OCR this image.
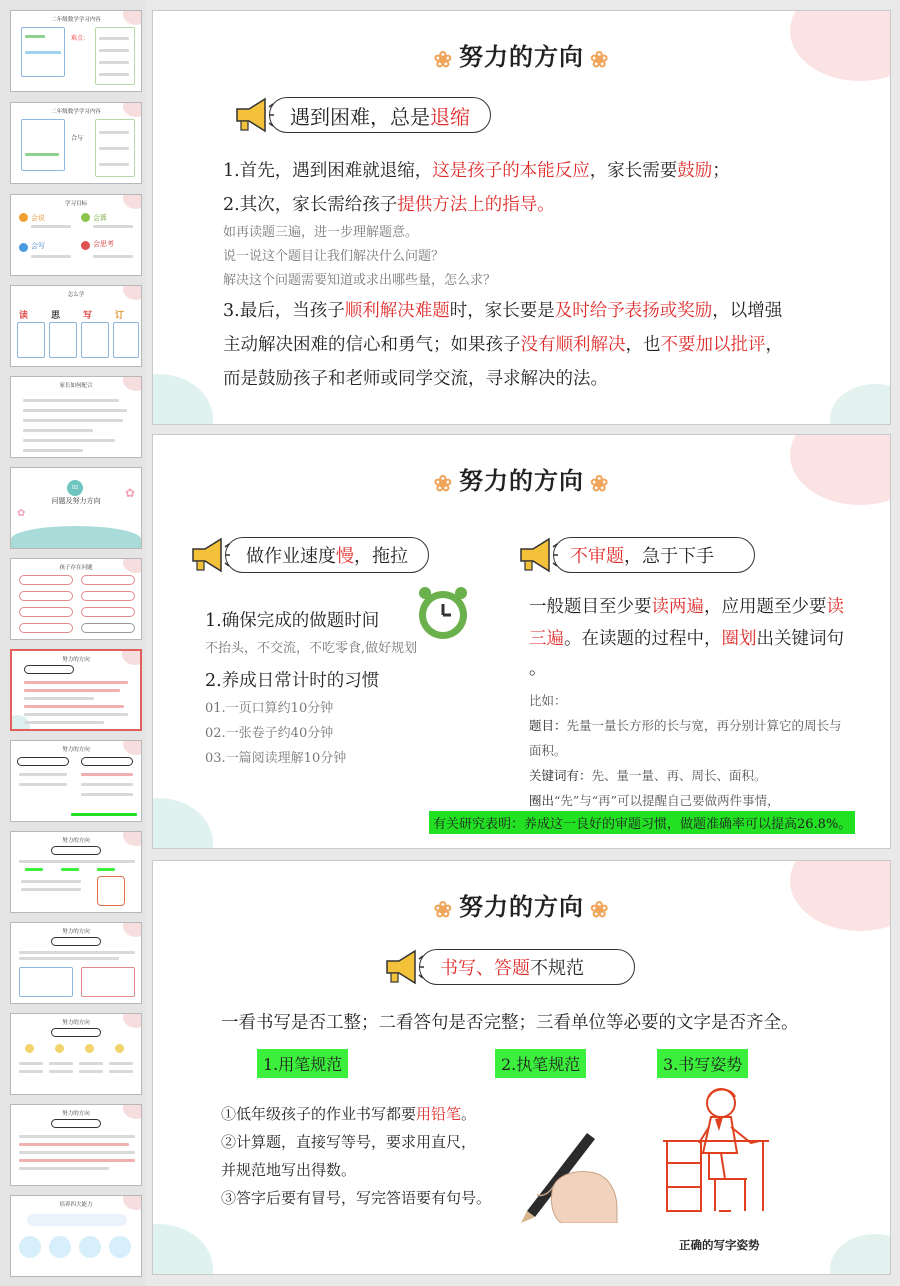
二年级数学学习内容
难点：
二年级数学学习内容
合与
学习目标
会说	会算
会写	会思考
怎么学
读	思	写	订
家长如何配合
02
问题及努力方向
✿
✿
孩子存在问题
努力的方向
努力的方向
努力的方向
努力的方向
努力的方向
努力的方向
培养四大能力
❀ 努力的方向 ❀
遇到困难，总是 退缩
1.首先，遇到困难就退缩，这是孩子的本能反应，家长需要鼓励；
2.其次，家长需给孩子提供方法上的指导。
如再读题三遍，进一步理解题意。
说一说这个题目让我们解决什么问题？
解决这个问题需要知道或求出哪些量，怎么求？
3.最后，当孩子顺利解决难题时，家长要是及时给予表扬或奖励，以增强
主动解决困难的信心和勇气；如果孩子没有顺利解决，也不要加以批评，
而是鼓励孩子和老师或同学交流，寻求解决的法。
❀ 努力的方向 ❀
做作业速度 慢 ，拖拉	不审题 ，急于下手
1.确保完成的做题时间
不抬头，不交流，不吃零食,做好规划
2.养成日常计时的习惯
01.一页口算约10分钟
02.一张卷子约40分钟
03.一篇阅读理解10分钟
一般题目至少要读两遍，应用题至少要读
三遍。在读题的过程中，圈划出关键词句
。
比如：
题目：先量一量长方形的长与宽，再分别计算它的周长与
面积。
关键词有：先、量一量、再、周长、面积。
圈出“先”与“再”可以提醒自己要做两件事情，
有关研究表明：养成这一良好的审题习惯，做题准确率可以提高26.8%。
❀ 努力的方向 ❀
书写、答题 不规范
一看书写是否工整；二看答句是否完整；三看单位等必要的文字是否齐全。
1.用笔规范	2.执笔规范	3.书写姿势
①低年级孩子的作业书写都要用铅笔。
②计算题，直接写等号，要求用直尺，
并规范地写出得数。
③答字后要有冒号，写完答语要有句号。
正确的写字姿势
